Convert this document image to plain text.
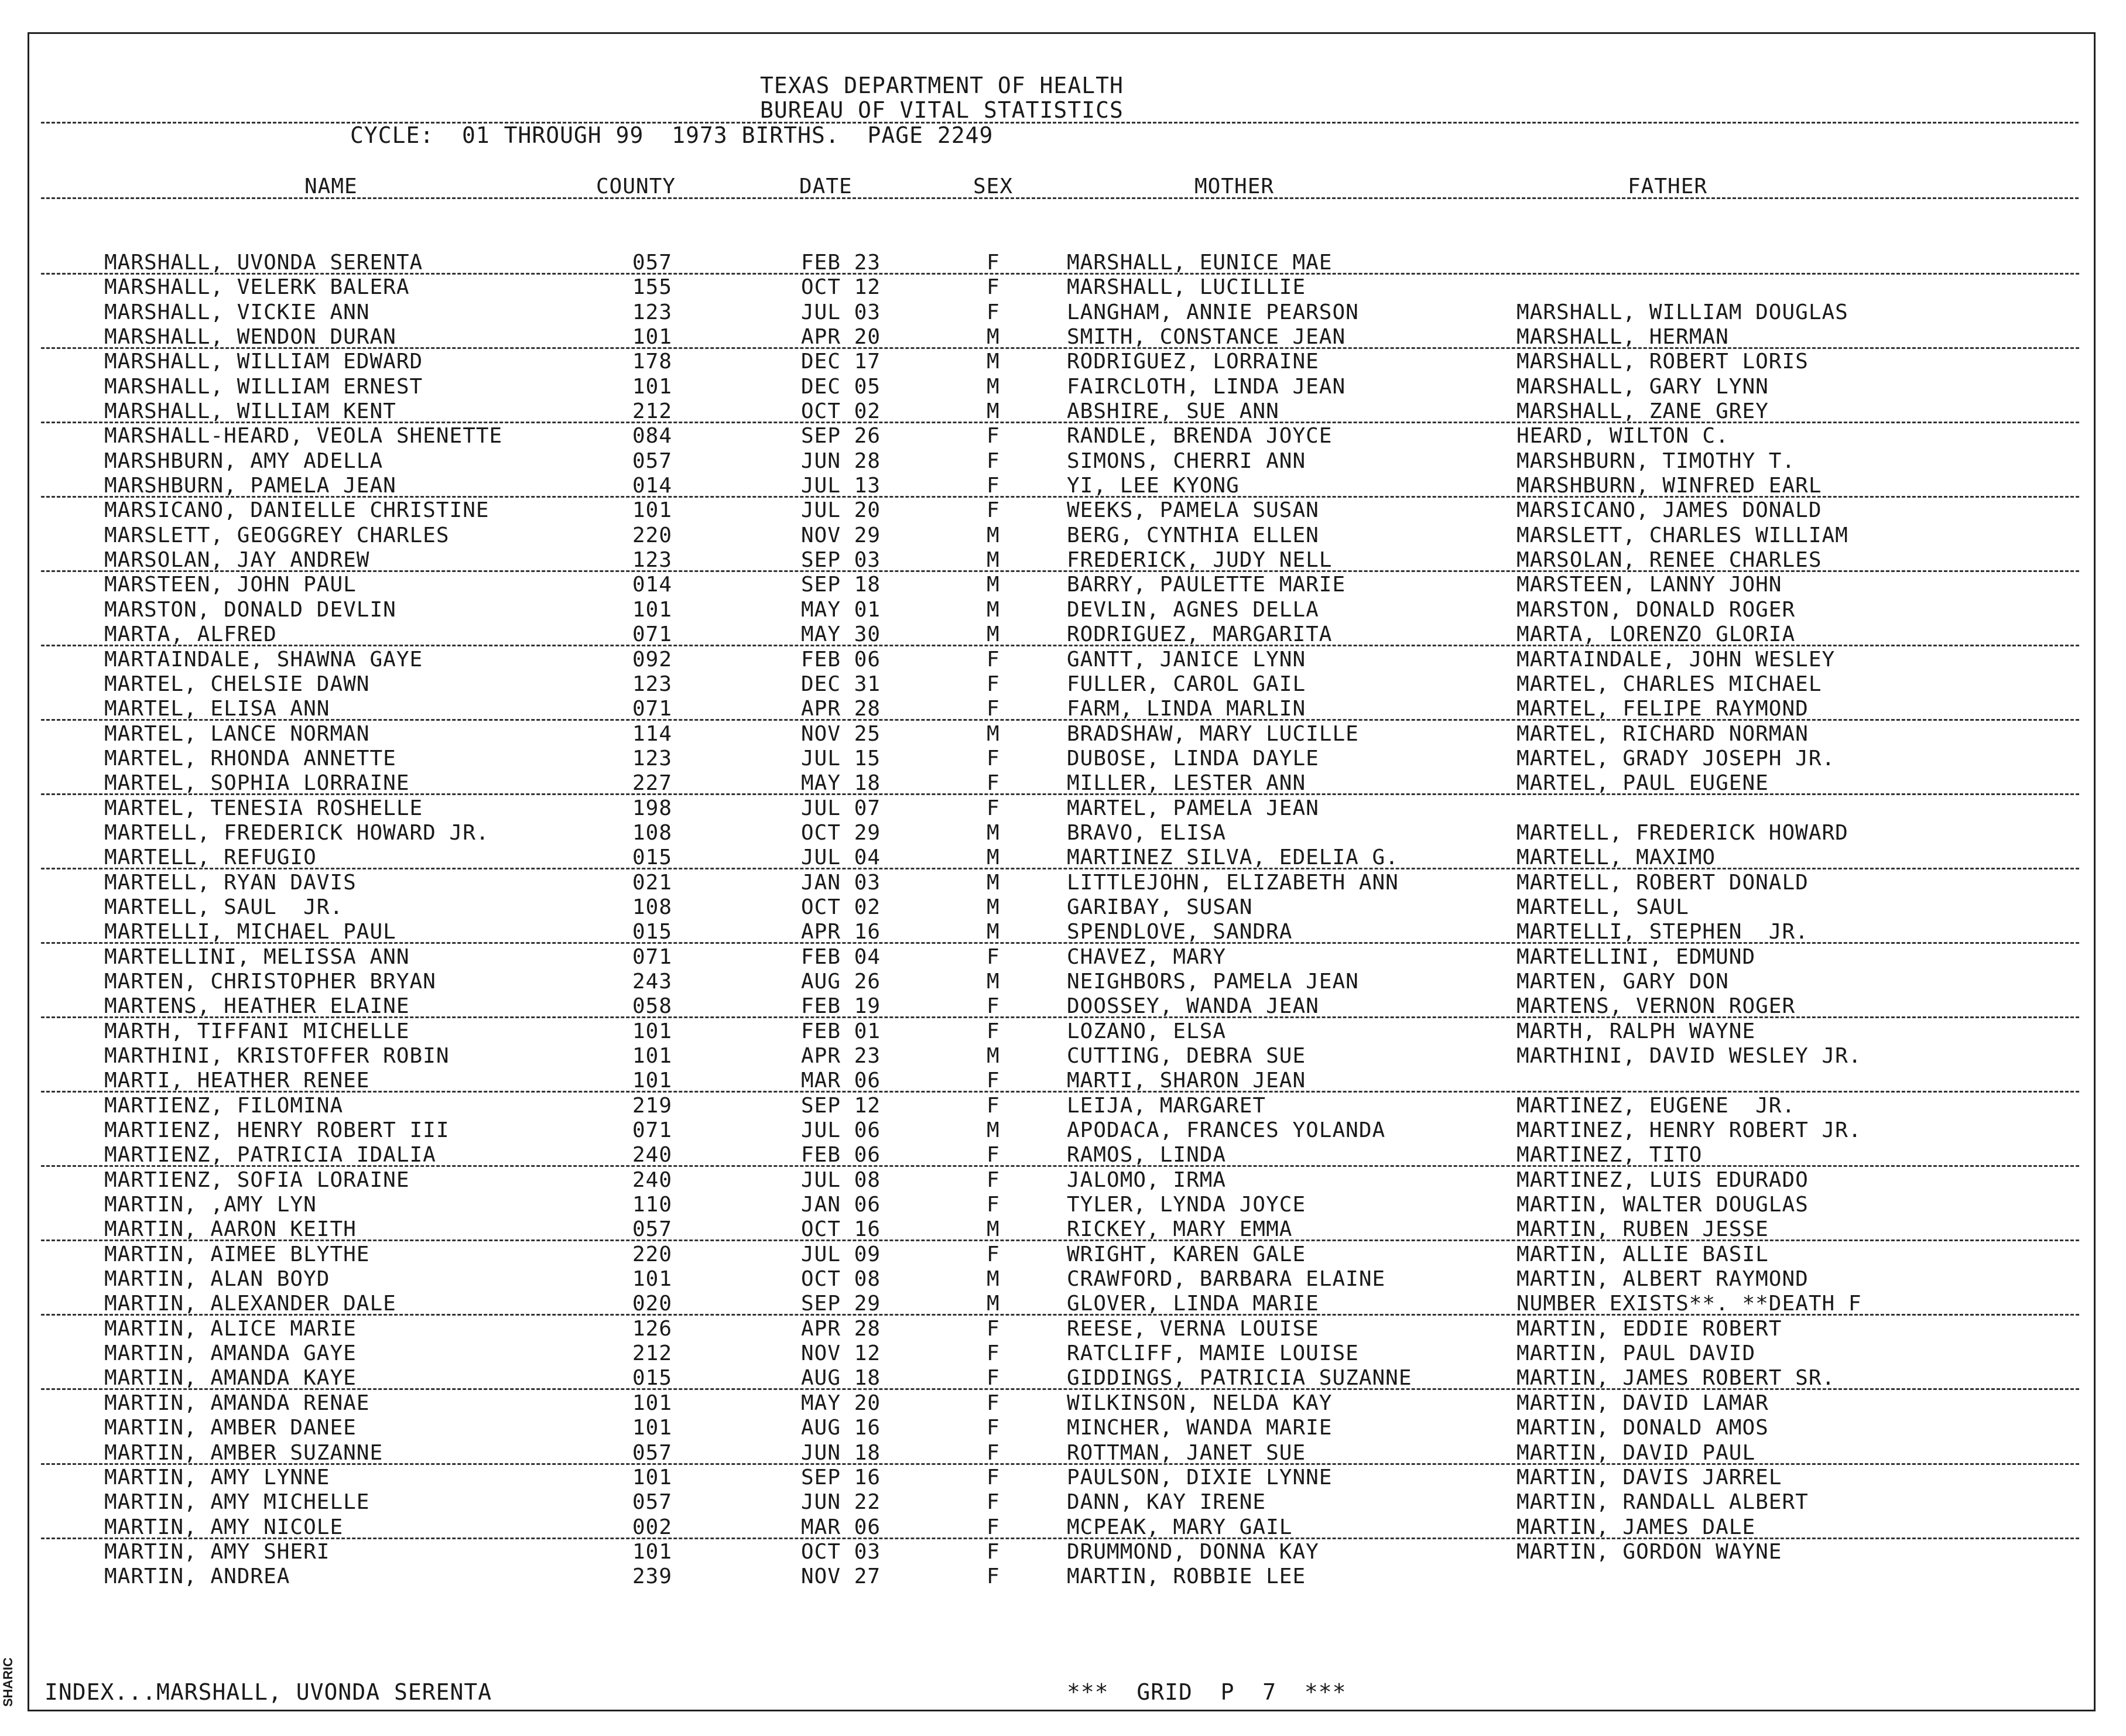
TEXAS DEPARTMENT OF HEALTH
BUREAU OF VITAL STATISTICS
CYCLE:  01 THROUGH 99  1973 BIRTHS.  PAGE 2249
NAME	COUNTY	DATE	SEX	MOTHER	FATHER
MARSHALL, UVONDA SERENTA	057	FEB 23	F	MARSHALL, EUNICE MAE
MARSHALL, VELERK BALERA	155	OCT 12	F	MARSHALL, LUCILLIE
MARSHALL, VICKIE ANN	123	JUL 03	F	LANGHAM, ANNIE PEARSON	MARSHALL, WILLIAM DOUGLAS
MARSHALL, WENDON DURAN	101	APR 20	M	SMITH, CONSTANCE JEAN	MARSHALL, HERMAN
MARSHALL, WILLIAM EDWARD	178	DEC 17	M	RODRIGUEZ, LORRAINE	MARSHALL, ROBERT LORIS
MARSHALL, WILLIAM ERNEST	101	DEC 05	M	FAIRCLOTH, LINDA JEAN	MARSHALL, GARY LYNN
MARSHALL, WILLIAM KENT	212	OCT 02	M	ABSHIRE, SUE ANN	MARSHALL, ZANE GREY
MARSHALL-HEARD, VEOLA SHENETTE	084	SEP 26	F	RANDLE, BRENDA JOYCE	HEARD, WILTON C.
MARSHBURN, AMY ADELLA	057	JUN 28	F	SIMONS, CHERRI ANN	MARSHBURN, TIMOTHY T.
MARSHBURN, PAMELA JEAN	014	JUL 13	F	YI, LEE KYONG	MARSHBURN, WINFRED EARL
MARSICANO, DANIELLE CHRISTINE	101	JUL 20	F	WEEKS, PAMELA SUSAN	MARSICANO, JAMES DONALD
MARSLETT, GEOGGREY CHARLES	220	NOV 29	M	BERG, CYNTHIA ELLEN	MARSLETT, CHARLES WILLIAM
MARSOLAN, JAY ANDREW	123	SEP 03	M	FREDERICK, JUDY NELL	MARSOLAN, RENEE CHARLES
MARSTEEN, JOHN PAUL	014	SEP 18	M	BARRY, PAULETTE MARIE	MARSTEEN, LANNY JOHN
MARSTON, DONALD DEVLIN	101	MAY 01	M	DEVLIN, AGNES DELLA	MARSTON, DONALD ROGER
MARTA, ALFRED	071	MAY 30	M	RODRIGUEZ, MARGARITA	MARTA, LORENZO GLORIA
MARTAINDALE, SHAWNA GAYE	092	FEB 06	F	GANTT, JANICE LYNN	MARTAINDALE, JOHN WESLEY
MARTEL, CHELSIE DAWN	123	DEC 31	F	FULLER, CAROL GAIL	MARTEL, CHARLES MICHAEL
MARTEL, ELISA ANN	071	APR 28	F	FARM, LINDA MARLIN	MARTEL, FELIPE RAYMOND
MARTEL, LANCE NORMAN	114	NOV 25	M	BRADSHAW, MARY LUCILLE	MARTEL, RICHARD NORMAN
MARTEL, RHONDA ANNETTE	123	JUL 15	F	DUBOSE, LINDA DAYLE	MARTEL, GRADY JOSEPH JR.
MARTEL, SOPHIA LORRAINE	227	MAY 18	F	MILLER, LESTER ANN	MARTEL, PAUL EUGENE
MARTEL, TENESIA ROSHELLE	198	JUL 07	F	MARTEL, PAMELA JEAN
MARTELL, FREDERICK HOWARD JR.	108	OCT 29	M	BRAVO, ELISA	MARTELL, FREDERICK HOWARD
MARTELL, REFUGIO	015	JUL 04	M	MARTINEZ SILVA, EDELIA G.	MARTELL, MAXIMO
MARTELL, RYAN DAVIS	021	JAN 03	M	LITTLEJOHN, ELIZABETH ANN	MARTELL, ROBERT DONALD
MARTELL, SAUL  JR.	108	OCT 02	M	GARIBAY, SUSAN	MARTELL, SAUL
MARTELLI, MICHAEL PAUL	015	APR 16	M	SPENDLOVE, SANDRA	MARTELLI, STEPHEN  JR.
MARTELLINI, MELISSA ANN	071	FEB 04	F	CHAVEZ, MARY	MARTELLINI, EDMUND
MARTEN, CHRISTOPHER BRYAN	243	AUG 26	M	NEIGHBORS, PAMELA JEAN	MARTEN, GARY DON
MARTENS, HEATHER ELAINE	058	FEB 19	F	DOOSSEY, WANDA JEAN	MARTENS, VERNON ROGER
MARTH, TIFFANI MICHELLE	101	FEB 01	F	LOZANO, ELSA	MARTH, RALPH WAYNE
MARTHINI, KRISTOFFER ROBIN	101	APR 23	M	CUTTING, DEBRA SUE	MARTHINI, DAVID WESLEY JR.
MARTI, HEATHER RENEE	101	MAR 06	F	MARTI, SHARON JEAN
MARTIENZ, FILOMINA	219	SEP 12	F	LEIJA, MARGARET	MARTINEZ, EUGENE  JR.
MARTIENZ, HENRY ROBERT III	071	JUL 06	M	APODACA, FRANCES YOLANDA	MARTINEZ, HENRY ROBERT JR.
MARTIENZ, PATRICIA IDALIA	240	FEB 06	F	RAMOS, LINDA	MARTINEZ, TITO
MARTIENZ, SOFIA LORAINE	240	JUL 08	F	JALOMO, IRMA	MARTINEZ, LUIS EDURADO
MARTIN, ,AMY LYN	110	JAN 06	F	TYLER, LYNDA JOYCE	MARTIN, WALTER DOUGLAS
MARTIN, AARON KEITH	057	OCT 16	M	RICKEY, MARY EMMA	MARTIN, RUBEN JESSE
MARTIN, AIMEE BLYTHE	220	JUL 09	F	WRIGHT, KAREN GALE	MARTIN, ALLIE BASIL
MARTIN, ALAN BOYD	101	OCT 08	M	CRAWFORD, BARBARA ELAINE	MARTIN, ALBERT RAYMOND
MARTIN, ALEXANDER DALE	020	SEP 29	M	GLOVER, LINDA MARIE	NUMBER EXISTS**. **DEATH F
MARTIN, ALICE MARIE	126	APR 28	F	REESE, VERNA LOUISE	MARTIN, EDDIE ROBERT
MARTIN, AMANDA GAYE	212	NOV 12	F	RATCLIFF, MAMIE LOUISE	MARTIN, PAUL DAVID
MARTIN, AMANDA KAYE	015	AUG 18	F	GIDDINGS, PATRICIA SUZANNE	MARTIN, JAMES ROBERT SR.
MARTIN, AMANDA RENAE	101	MAY 20	F	WILKINSON, NELDA KAY	MARTIN, DAVID LAMAR
MARTIN, AMBER DANEE	101	AUG 16	F	MINCHER, WANDA MARIE	MARTIN, DONALD AMOS
MARTIN, AMBER SUZANNE	057	JUN 18	F	ROTTMAN, JANET SUE	MARTIN, DAVID PAUL
MARTIN, AMY LYNNE	101	SEP 16	F	PAULSON, DIXIE LYNNE	MARTIN, DAVIS JARREL
MARTIN, AMY MICHELLE	057	JUN 22	F	DANN, KAY IRENE	MARTIN, RANDALL ALBERT
MARTIN, AMY NICOLE	002	MAR 06	F	MCPEAK, MARY GAIL	MARTIN, JAMES DALE
MARTIN, AMY SHERI	101	OCT 03	F	DRUMMOND, DONNA KAY	MARTIN, GORDON WAYNE
MARTIN, ANDREA	239	NOV 27	F	MARTIN, ROBBIE LEE
INDEX...MARSHALL, UVONDA SERENTA	***  GRID  P  7  ***
SHARIC
